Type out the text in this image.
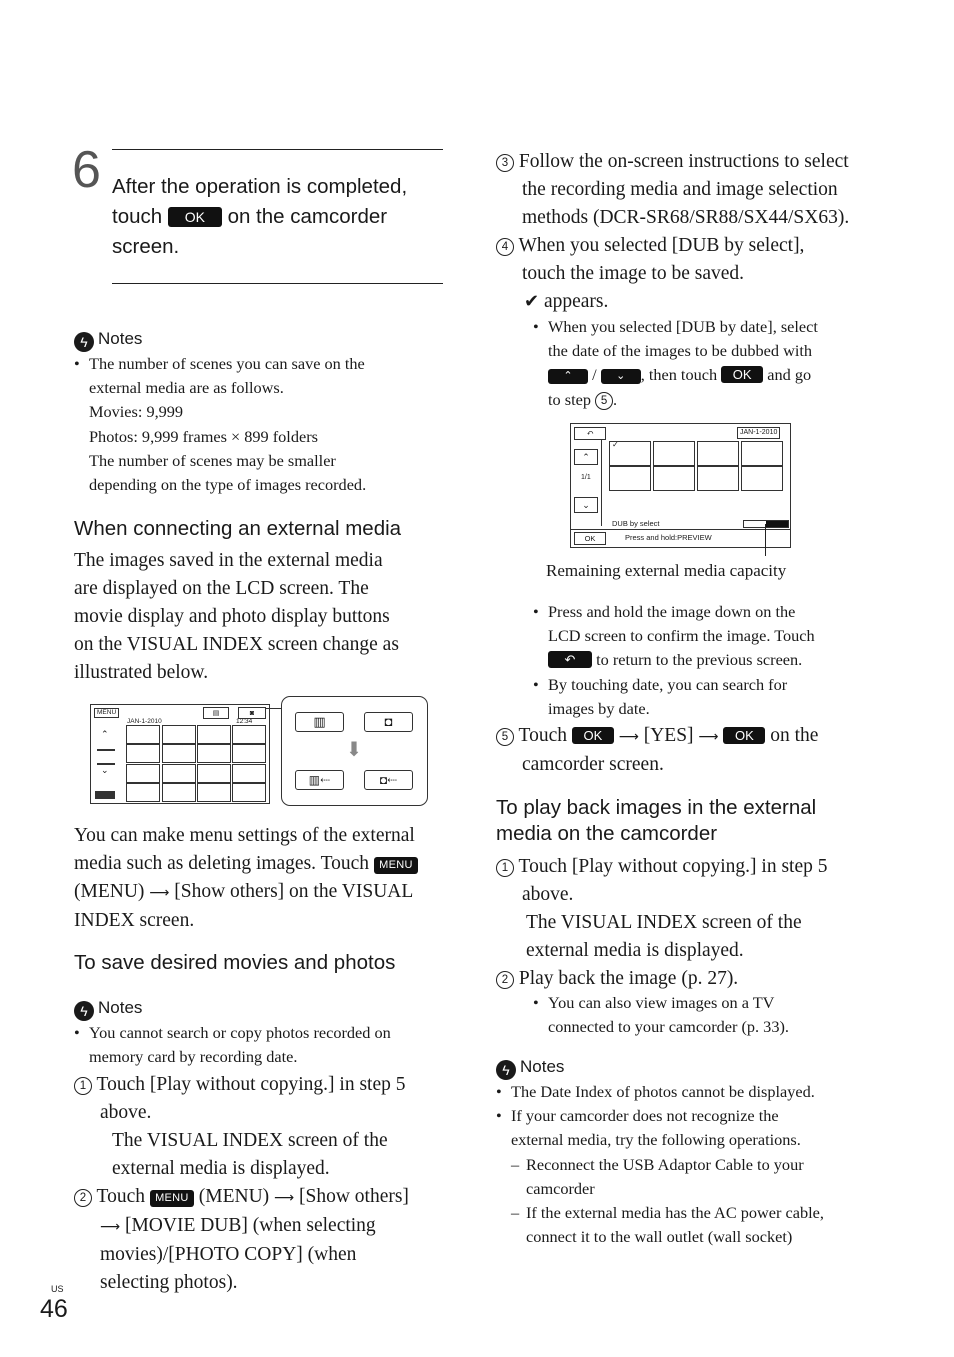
6 After the operation is completed,
touch OK on the camcorder
screen.
ϟ Notes
• The number of scenes you can save on the
external media are as follows.
Movies: 9,999
Photos: 9,999 frames × 899 folders
The number of scenes may be smaller
depending on the type of images recorded.
When connecting an external media
The images saved in the external media
are displayed on the LCD screen. The
movie display and photo display buttons
on the VISUAL INDEX screen change as
illustrated below.
MENU
JAN-1-2010	12:34
▤	◙
⌃
⌄
▥	◘
⬇
▥⇠	◘⇠
You can make menu settings of the external
media such as deleting images. Touch MENU
(MENU) ⟶ [Show others] on the VISUAL
INDEX screen.
To save desired movies and photos
ϟ Notes
• You cannot search or copy photos recorded on
memory card by recording date.
1 Touch [Play without copying.] in step 5
above.
The VISUAL INDEX screen of the
external media is displayed.
2 Touch MENU (MENU) ⟶ [Show others]
⟶ [MOVIE DUB] (when selecting
movies)/[PHOTO COPY] (when
selecting photos).
US
46
3 Follow the on-screen instructions to select
the recording media and image selection
methods (DCR-SR68/SR88/SX44/SX63).
4 When you selected [DUB by select],
touch the image to be saved.
✔ appears.
• When you selected [DUB by date], select
the date of the images to be dubbed with
⌃ / ⌄ , then touch OK and go
to step 5 .
↶	JAN-1-2010
⌃
1/1
⌄
✓
DUB by select
OK	Press and hold:PREVIEW
Remaining external media capacity
• Press and hold the image down on the
LCD screen to confirm the image. Touch
↶ to return to the previous screen.
• By touching date, you can search for
images by date.
5 Touch OK ⟶ [YES] ⟶ OK on the
camcorder screen.
To play back images in the external
media on the camcorder
1 Touch [Play without copying.] in step 5
above.
The VISUAL INDEX screen of the
external media is displayed.
2 Play back the image (p. 27).
• You can also view images on a TV
connected to your camcorder (p. 33).
ϟ Notes
• The Date Index of photos cannot be displayed.
• If your camcorder does not recognize the
external media, try the following operations.
– Reconnect the USB Adaptor Cable to your
camcorder
– If the external media has the AC power cable,
connect it to the wall outlet (wall socket)
